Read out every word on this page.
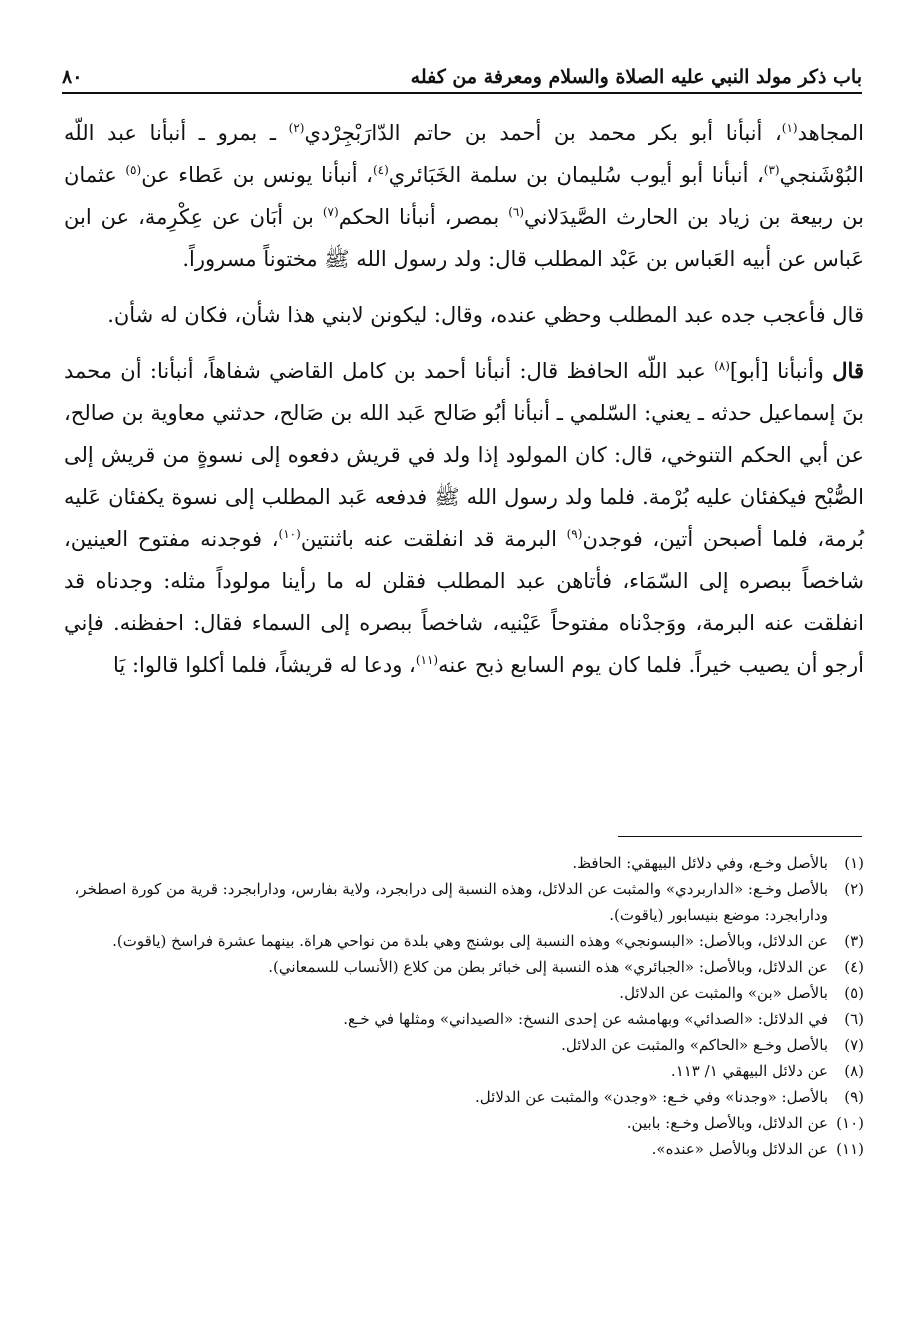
باب ذكر مولد النبي عليه الصلاة والسلام ومعرفة من كفله
٨٠

المجاهد$^{(١)}$، أنبأنا أبو بكر محمد بن أحمد بن حاتم الدّارَبْجِرْدي$^{(٢)}$ ـ بمرو ـ أنبأنا عبد اللّه البُوْشَنجي$^{(٣)}$، أنبأنا أبو أيوب سُليمان بن سلمة الخَبَائري$^{(٤)}$، أنبأنا يونس بن عَطاء عن$^{(٥)}$ عثمان بن ربيعة بن زياد بن الحارث الصَّيدَلاني$^{(٦)}$ بمصر، أنبأنا الحكم$^{(٧)}$ بن أبَان عن عِكْرِمة، عن ابن عَباس عن أبيه العَباس بن عَبْد المطلب قال: ولد رسول الله ﷺ مختوناً مسروراً.

قال فأعجب جده عبد المطلب وحظي عنده، وقال: ليكونن لابني هذا شأن، فكان له شأن.

قال وأنبأنا [أبو]$^{(٨)}$ عبد اللّه الحافظ قال: أنبأنا أحمد بن كامل القاضي شفاهاً، أنبأنا: أن محمد بنَ إسماعيل حدثه ـ يعني: السّلمي ـ أنبأنا أبُو صَالح عَبد الله بن صَالح، حدثني معاوية بن صالح، عن أبي الحكم التنوخي، قال: كان المولود إذا ولد في قريش دفعوه إلى نسوةٍ من قريش إلى الصُّبْح فيكفئان عليه بُرْمة. فلما ولد رسول الله ﷺ فدفعه عَبد المطلب إلى نسوة يكفئان عَليه بُرمة، فلما أصبحن أتين، فوجدن$^{(٩)}$ البرمة قد انفلقت عنه باثنتين$^{(١٠)}$، فوجدنه مفتوح العينين، شاخصاً ببصره إلى السّمَاء، فأتاهن عبد المطلب فقلن له ما رأينا مولوداً مثله: وجدناه قد انفلقت عنه البرمة، ووَجدْناه مفتوحاً عَيْنيه، شاخصاً ببصره إلى السماء فقال: احفظنه. فإني أرجو أن يصيب خيراً. فلما كان يوم السابع ذبح عنه$^{(١١)}$، ودعا له قريشاً، فلما أكلوا قالوا: يَا

(١)
بالأصل وخـع، وفي دلائل البيهقي: الحافظ.
(٢)
بالأصل وخـع: «الداربردي» والمثبت عن الدلائل، وهذه النسبة إلى درابجرد، ولاية بفارس، ودارابجرد: قرية من كورة اصطخر، ودارابجرد: موضع بنيسابور (ياقوت).
(٣)
عن الدلائل، وبالأصل: «البسونجي» وهذه النسبة إلى بوشنج وهي بلدة من نواحي هراة. بينهما عشرة فراسخ (ياقوت).
(٤)
عن الدلائل، وبالأصل: «الجبائري» هذه النسبة إلى خبائر بطن من كلاع (الأنساب للسمعاني).
(٥)
بالأصل «بن» والمثبت عن الدلائل.
(٦)
في الدلائل: «الصدائي» وبهامشه عن إحدى النسخ: «الصيداني» ومثلها في خـع.
(٧)
بالأصل وخـع «الحاكم» والمثبت عن الدلائل.
(٨)
عن دلائل البيهقي ١/ ١١٣.
(٩)
بالأصل: «وجدنا» وفي خـع: «وجدن» والمثبت عن الدلائل.
(١٠)
عن الدلائل، وبالأصل وخـع: بابين.
(١١)
عن الدلائل وبالأصل «عنده».
